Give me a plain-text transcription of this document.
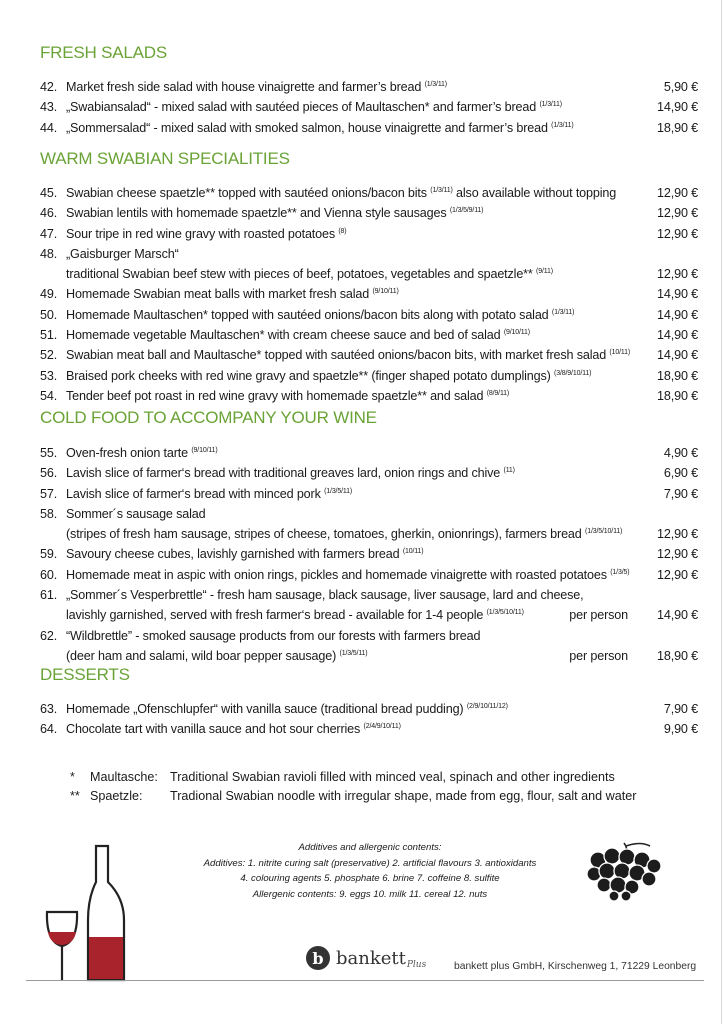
FRESH SALADS
WARM SWABIAN SPECIALITIES
COLD FOOD TO ACCOMPANY YOUR WINE
DESSERTS
42. Market fresh side salad with house vinaigrette and farmer’s bread $^{(1/3/11)}$	5,90 €
43. „Swabiansalad“ - mixed salad with sautéed pieces of Maultaschen* and farmer’s bread $^{(1/3/11)}$	14,90 €
44. „Sommersalad“ - mixed salad with smoked salmon, house vinaigrette and farmer’s bread $^{(1/3/11)}$	18,90 €
45. Swabian cheese spaetzle** topped with sautéed onions/bacon bits $^{(1/3/11)}$ also available without topping	12,90 €
46. Swabian lentils with homemade spaetzle** and Vienna style sausages $^{(1/3/5/9/11)}$	12,90 €
47. Sour tripe in red wine gravy with roasted potatoes $^{(8)}$	12,90 €
48. „Gaisburger Marsch“
traditional Swabian beef stew with pieces of beef, potatoes, vegetables and spaetzle** $^{(9/11)}$	12,90 €
49. Homemade Swabian meat balls with market fresh salad $^{(9/10/11)}$	14,90 €
50. Homemade Maultaschen* topped with sautéed onions/bacon bits along with potato salad $^{(1/3/11)}$	14,90 €
51. Homemade vegetable Maultaschen* with cream cheese sauce and bed of salad $^{(9/10/11)}$	14,90 €
52. Swabian meat ball and Maultasche* topped with sautéed onions/bacon bits, with market fresh salad $^{(10/11)}$	14,90 €
53. Braised pork cheeks with red wine gravy and spaetzle** (finger shaped potato dumplings) $^{(3/8/9/10/11)}$	18,90 €
54. Tender beef pot roast in red wine gravy with homemade spaetzle** and salad $^{(8/9/11)}$	18,90 €
55. Oven-fresh onion tarte $^{(9/10/11)}$	4,90 €
56. Lavish slice of farmer‘s bread with traditional greaves lard, onion rings and chive $^{(11)}$	6,90 €
57. Lavish slice of farmer‘s bread with minced pork $^{(1/3/5/11)}$	7,90 €
58. Sommer´s sausage salad
(stripes of fresh ham sausage, stripes of cheese, tomatoes, gherkin, onionrings), farmers bread $^{(1/3/5/10/11)}$	12,90 €
59. Savoury cheese cubes, lavishly garnished with farmers bread $^{(10/11)}$	12,90 €
60. Homemade meat in aspic with onion rings, pickles and homemade vinaigrette with roasted potatoes $^{(1/3/5)}$	12,90 €
61. „Sommer´s Vesperbrettle“ - fresh ham sausage, black sausage, liver sausage, lard and cheese,
lavishly garnished, served with fresh farmer‘s bread - available for 1-4 people $^{(1/3/5/10/11)}$	per person	14,90 €
62. “Wildbrettle” - smoked sausage products from our forests with farmers bread
(deer ham and salami, wild boar pepper sausage) $^{(1/3/5/11)}$	per person	18,90 €
63. Homemade „Ofenschlupfer“ with vanilla sauce (traditional bread pudding) $^{(2/9/10/11/12)}$	7,90 €
64. Chocolate tart with vanilla sauce and hot sour cherries $^{(2/4/9/10/11)}$	9,90 €
*	Maultasche: Traditional Swabian ravioli filled with minced veal, spinach and other ingredients
** Spaetzle:	Tradional Swabian noodle with irregular shape, made from egg, flour, salt and water
Additives and allergenic contents:
Additives: 1. nitrite curing salt (preservative) 2. artificial flavours 3. antioxidants
4. colouring agents 5. phosphate 6. brine 7. coffeine 8. sulfite
Allergenic contents: 9. eggs 10. milk 11. cereal 12. nuts
b bankett Plus	bankett plus GmbH, Kirschenweg 1, 71229 Leonberg
